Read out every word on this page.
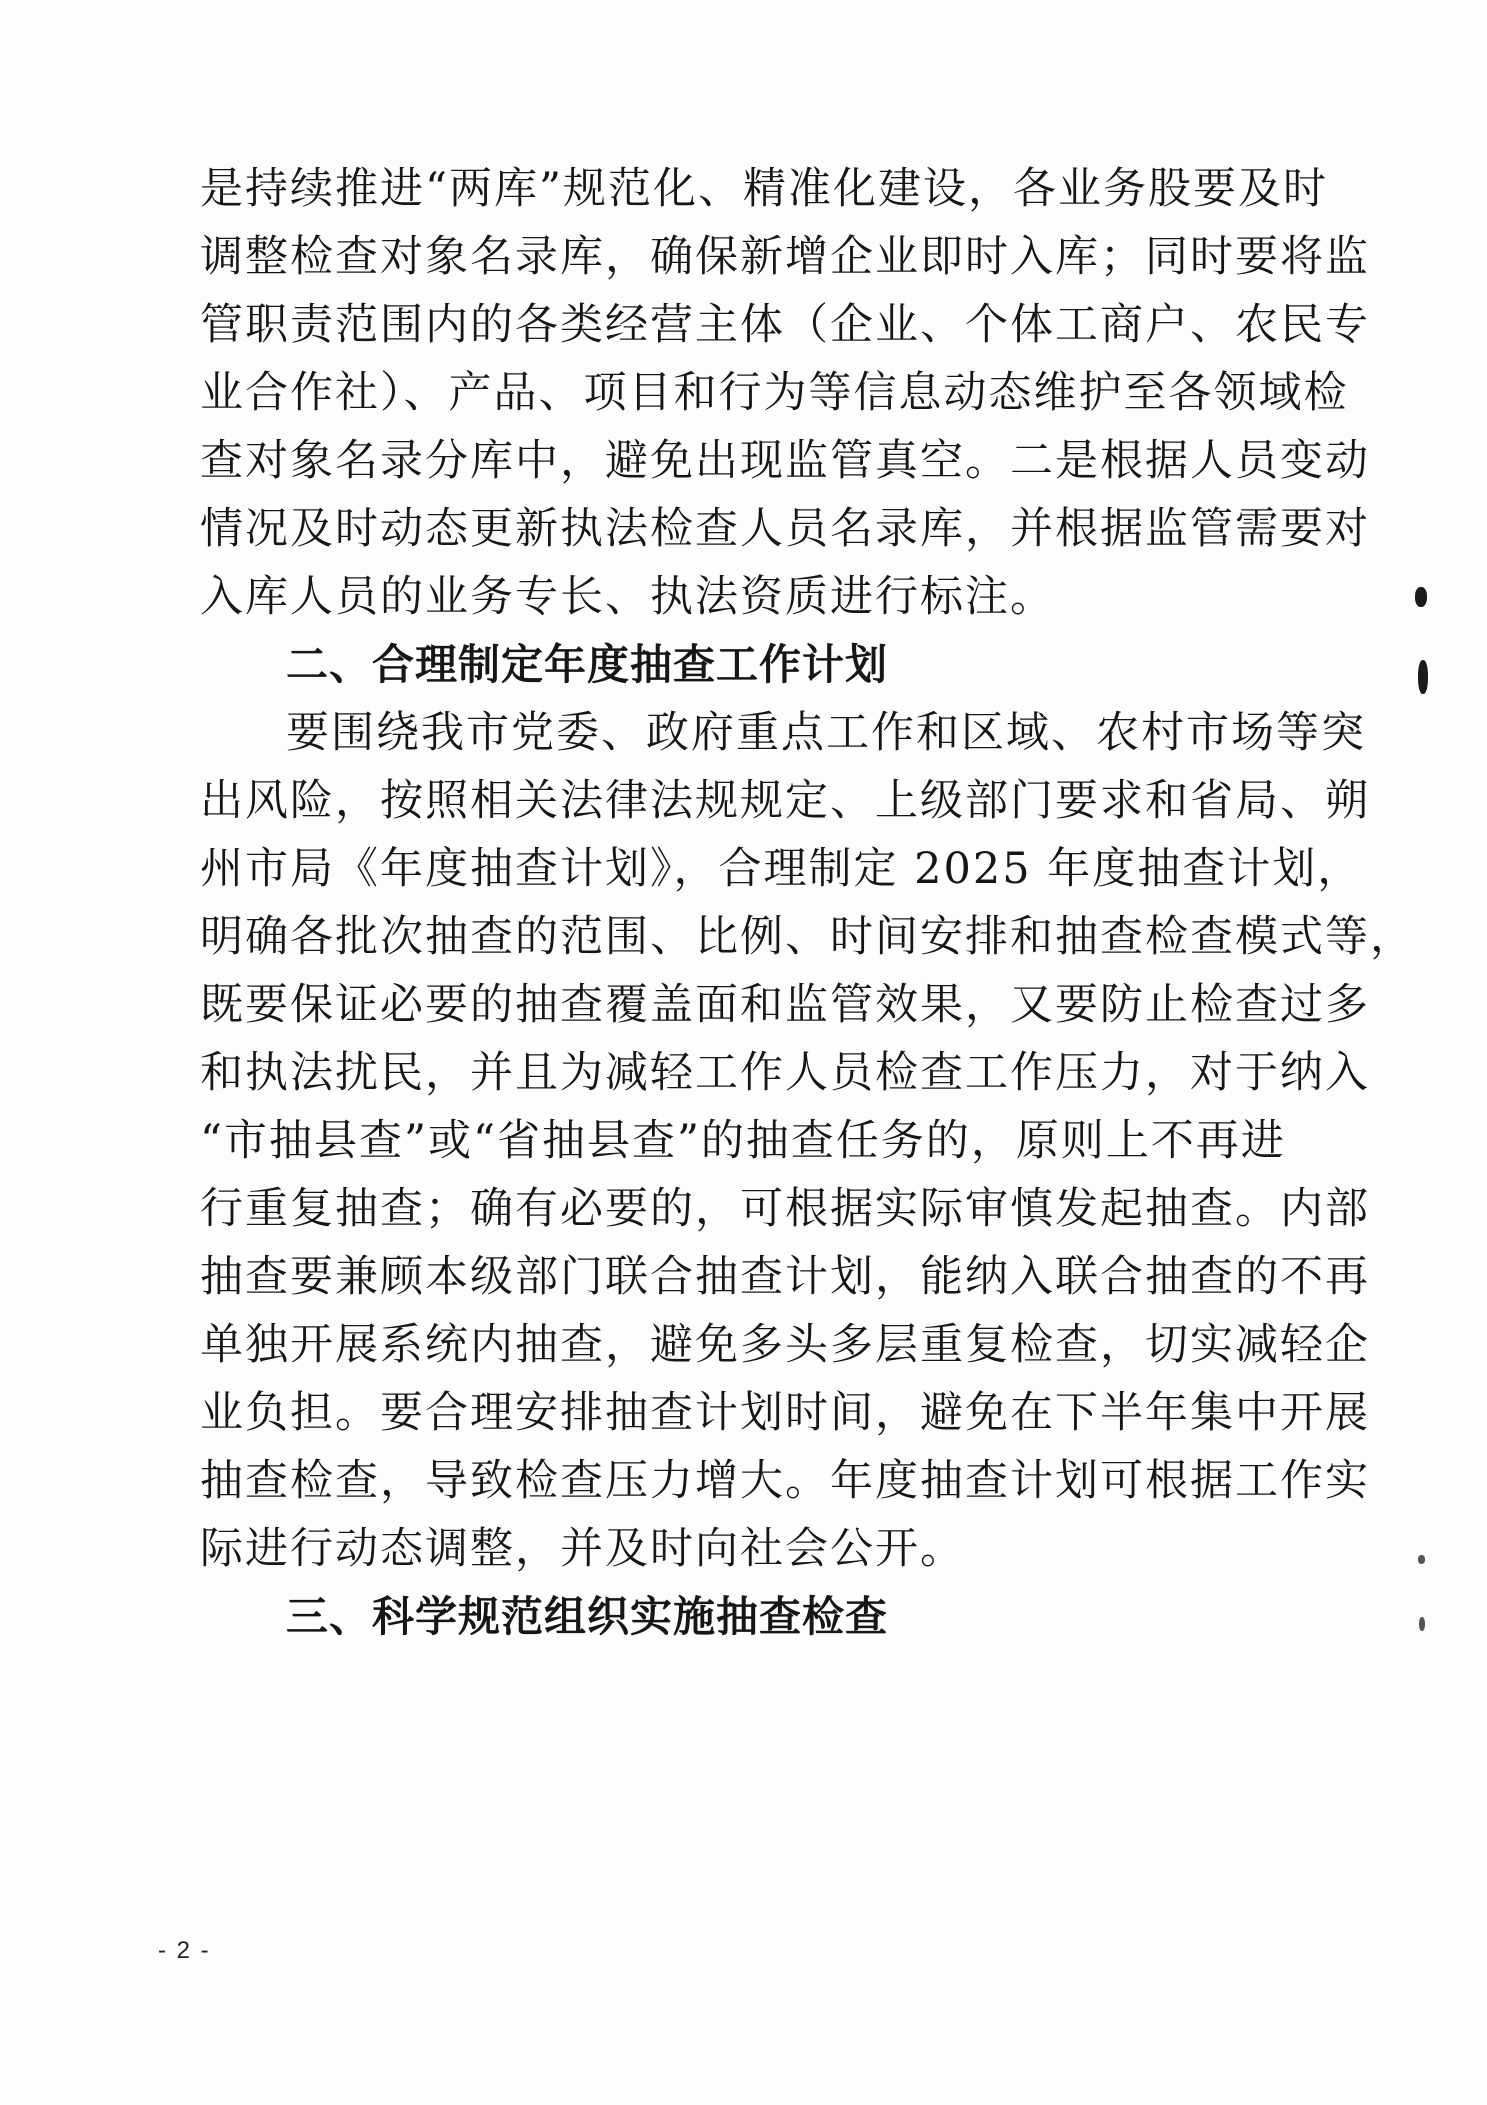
是持续推进“两库”规范化、精准化建设，各业务股要及时
调整检查对象名录库，确保新增企业即时入库；同时要将监
管职责范围内的各类经营主体（企业、个体工商户、农民专
业合作社）、产品、项目和行为等信息动态维护至各领域检
查对象名录分库中，避免出现监管真空。二是根据人员变动
情况及时动态更新执法检查人员名录库，并根据监管需要对
入库人员的业务专长、执法资质进行标注。
二、合理制定年度抽查工作计划
要围绕我市党委、政府重点工作和区域、农村市场等突
出风险，按照相关法律法规规定、上级部门要求和省局、朔
州市局《年度抽查计划》，合理制定 2025 年度抽查计划，
明确各批次抽查的范围、比例、时间安排和抽查检查模式等，
既要保证必要的抽查覆盖面和监管效果，又要防止检查过多
和执法扰民，并且为减轻工作人员检查工作压力，对于纳入
“市抽县查”或“省抽县查”的抽查任务的，原则上不再进
行重复抽查；确有必要的，可根据实际审慎发起抽查。内部
抽查要兼顾本级部门联合抽查计划，能纳入联合抽查的不再
单独开展系统内抽查，避免多头多层重复检查，切实减轻企
业负担。要合理安排抽查计划时间，避免在下半年集中开展
抽查检查，导致检查压力增大。年度抽查计划可根据工作实
际进行动态调整，并及时向社会公开。
三、科学规范组织实施抽查检查
- 2 -
